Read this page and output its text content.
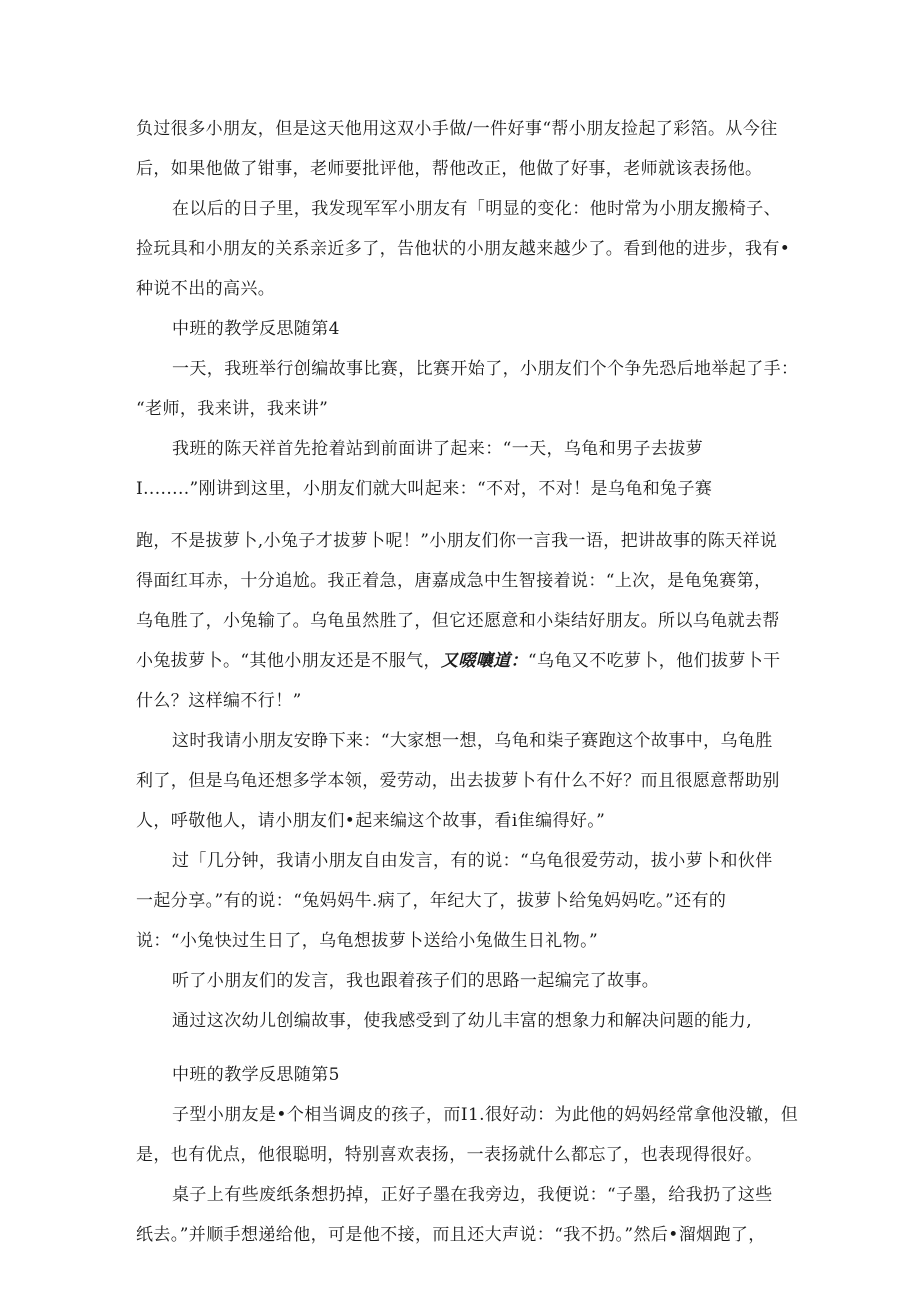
负过很多小朋友，但是这天他用这双小手做/一件好事“帮小朋友捡起了彩箔。从今往
后，如果他做了钳事，老师要批评他，帮他改正，他做了好事，老师就该表扬他。
在以后的日子里，我发现军军小朋友有「明显的变化：他时常为小朋友搬椅子、
捡玩具和小朋友的关系亲近多了，告他状的小朋友越来越少了。看到他的进步，我有•
种说不出的高兴。
中班的教学反思随第4
一天，我班举行创编故事比赛，比赛开始了，小朋友们个个争先恐后地举起了手：
“老师，我来讲，我来讲”
我班的陈天祥首先抢着站到前面讲了起来：“一天，乌龟和男子去拔萝
I........”刚讲到这里，小朋友们就大叫起来：“不对，不对！是乌龟和兔子赛
跑，不是拔萝卜,小兔子才拔萝卜呢！”小朋友们你一言我一语，把讲故事的陈天祥说
得面红耳赤，十分追尬。我正着急，唐嘉成急中生智接着说：“上次，是龟兔赛第，
乌龟胜了，小兔输了。乌龟虽然胜了，但它还愿意和小柒结好朋友。所以乌龟就去帮
小兔拔萝卜。“其他小朋友还是不服气，又啜嚷道：“乌龟又不吃萝卜，他们拔萝卜干
什么？这样编不行！”
这时我请小朋友安睁下来：“大家想一想，乌龟和柒子赛跑这个故事中，乌龟胜
利了，但是乌龟还想多学本领，爱劳动，出去拔萝卜有什么不好？而且很愿意帮助别
人，呼敬他人，请小朋友们•起来编这个故事，看i隹编得好。”
过「几分钟，我请小朋友自由发言，有的说：“乌龟很爱劳动，拔小萝卜和伙伴
一起分享。”有的说：“兔妈妈牛.病了，年纪大了，拔萝卜给兔妈妈吃。”还有的
说：“小兔快过生日了，乌龟想拔萝卜送给小兔做生日礼物。”
听了小朋友们的发言，我也跟着孩子们的思路一起编完了故事。
通过这次幼儿创编故事，使我感受到了幼儿丰富的想象力和解决问题的能力,
中班的教学反思随第5
子型小朋友是•个相当调皮的孩子，而I1.很好动：为此他的妈妈经常拿他没辙，但
是，也有优点，他很聪明，特别喜欢表扬，一表扬就什么都忘了，也表现得很好。
桌子上有些废纸条想扔掉，正好子墨在我旁边，我便说：“子墨，给我扔了这些
纸去。”并顺手想递给他，可是他不接，而且还大声说：“我不扔。”然后•溜烟跑了，
